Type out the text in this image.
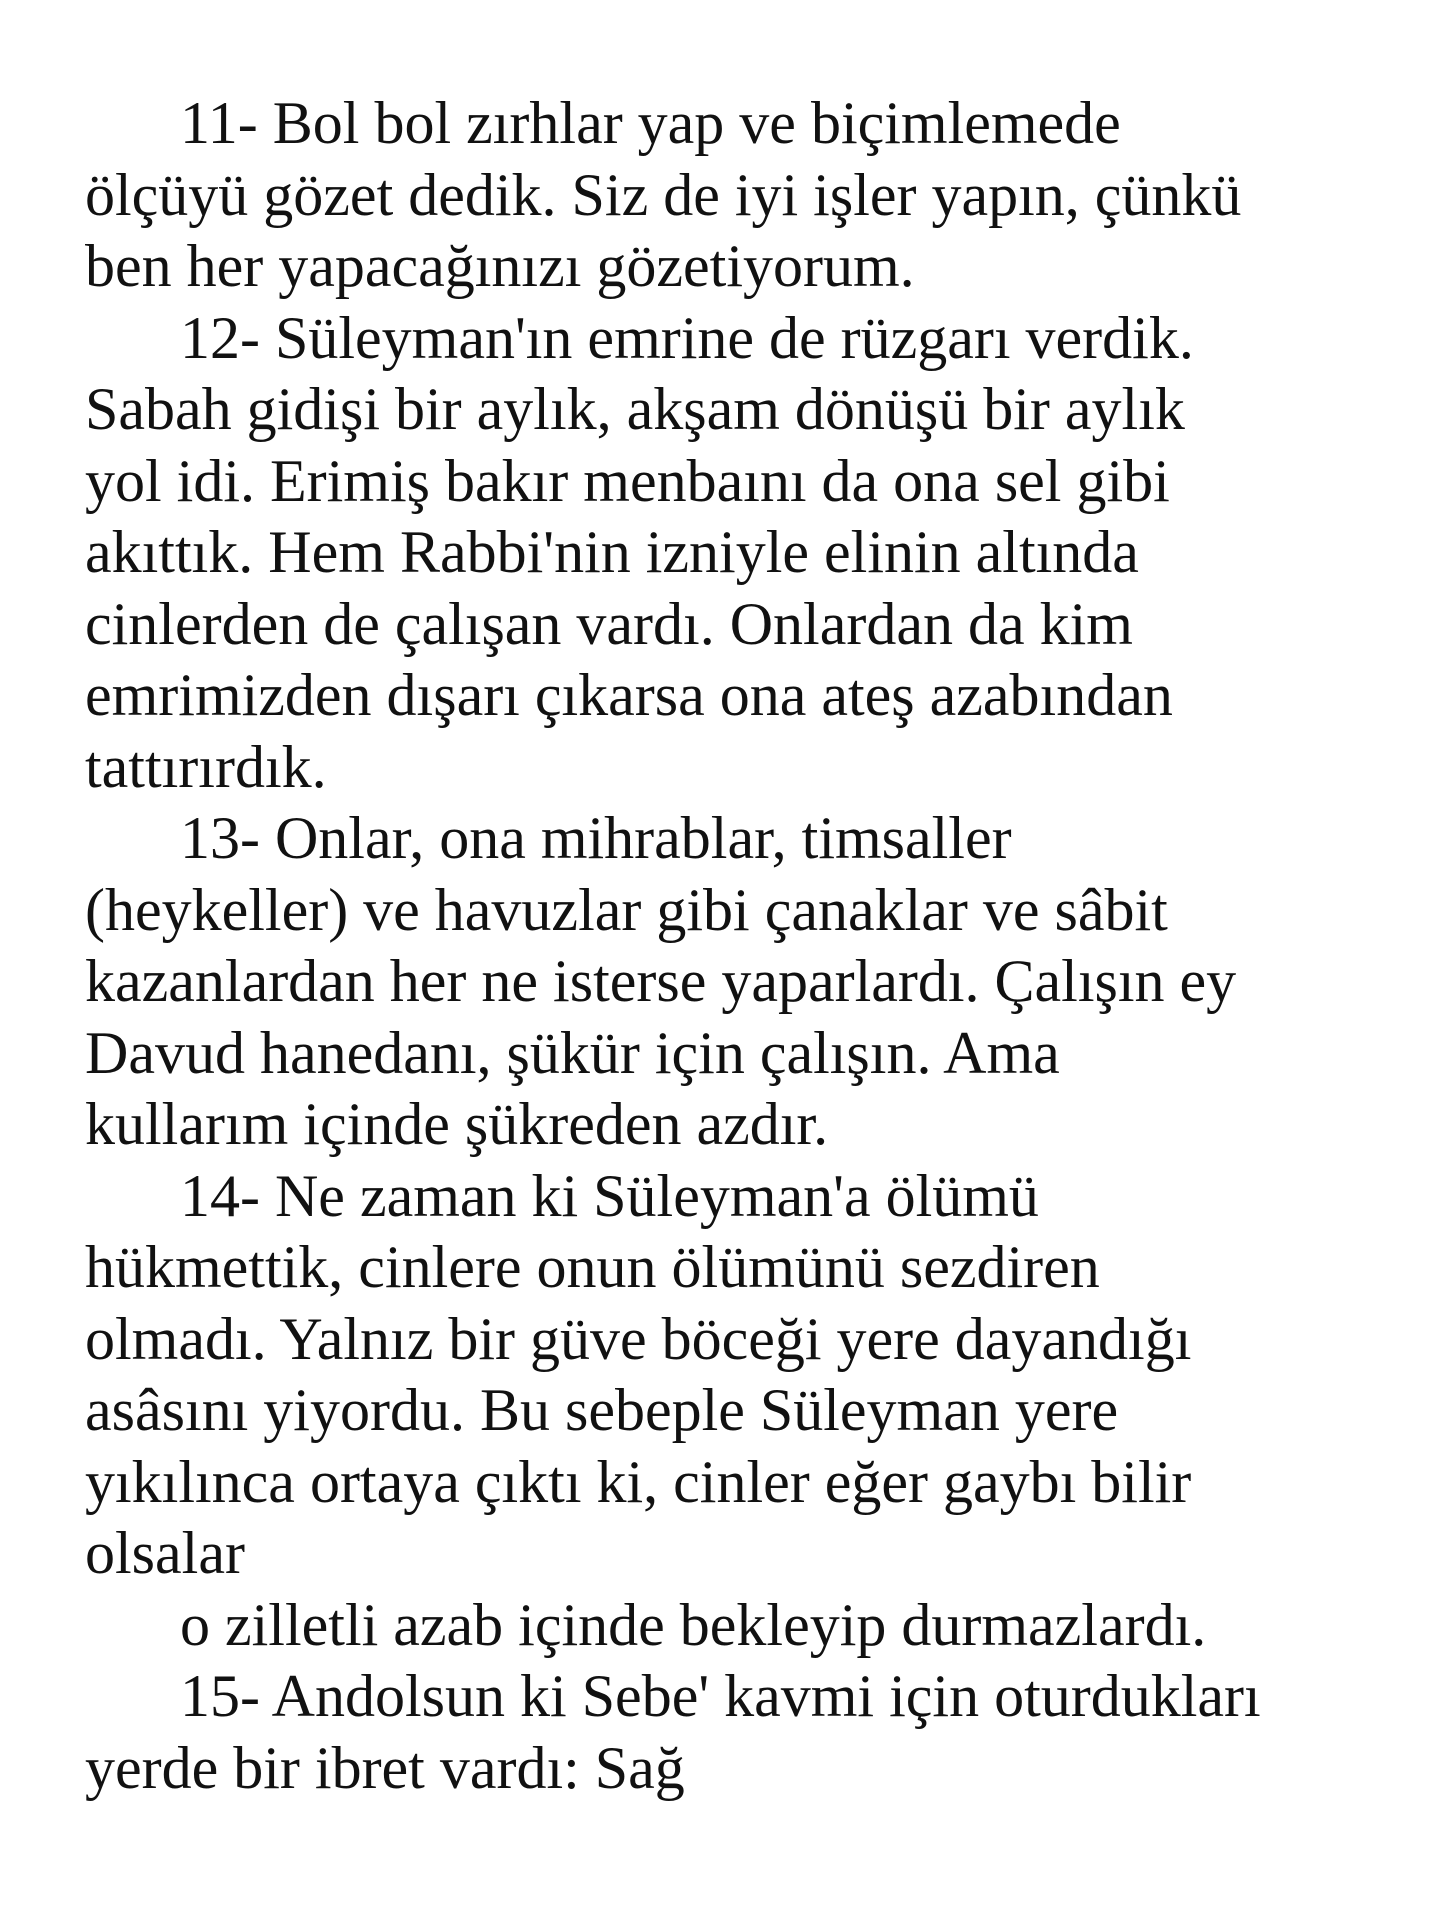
11- Bol bol zırhlar yap ve biçimlemede
ölçüyü gözet dedik. Siz de iyi işler yapın, çünkü
ben her yapacağınızı gözetiyorum.
12- Süleyman'ın emrine de rüzgarı verdik.
Sabah gidişi bir aylık, akşam dönüşü bir aylık
yol idi. Erimiş bakır menbaını da ona sel gibi
akıttık. Hem Rabbi'nin izniyle elinin altında
cinlerden de çalışan vardı. Onlardan da kim
emrimizden dışarı çıkarsa ona ateş azabından
tattırırdık.
13- Onlar, ona mihrablar, timsaller
(heykeller) ve havuzlar gibi çanaklar ve sâbit
kazanlardan her ne isterse yaparlardı. Çalışın ey
Davud hanedanı, şükür için çalışın. Ama
kullarım içinde şükreden azdır.
14- Ne zaman ki Süleyman'a ölümü
hükmettik, cinlere onun ölümünü sezdiren
olmadı. Yalnız bir güve böceği yere dayandığı
asâsını yiyordu. Bu sebeple Süleyman yere
yıkılınca ortaya çıktı ki, cinler eğer gaybı bilir
olsalar
o zilletli azab içinde bekleyip durmazlardı.
15- Andolsun ki Sebe' kavmi için oturdukları
yerde bir ibret vardı: Sağ
